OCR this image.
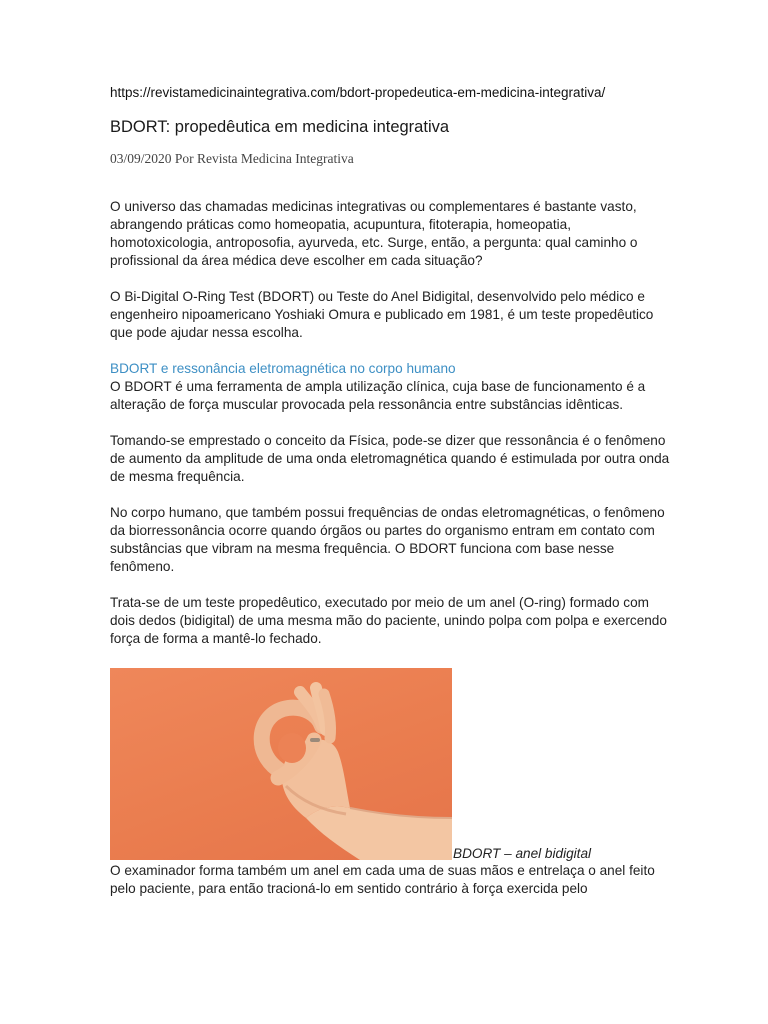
https://revistamedicinaintegrativa.com/bdort-propedeutica-em-medicina-integrativa/

BDORT: propedêutica em medicina integrativa

03/09/2020 Por Revista Medicina Integrativa

O universo das chamadas medicinas integrativas ou complementares é bastante vasto, abrangendo práticas como homeopatia, acupuntura, fitoterapia, homeopatia, homotoxicologia, antroposofia, ayurveda, etc. Surge, então, a pergunta: qual caminho o profissional da área médica deve escolher em cada situação?

O Bi-Digital O-Ring Test (BDORT) ou Teste do Anel Bidigital, desenvolvido pelo médico e engenheiro nipoamericano Yoshiaki Omura e publicado em 1981, é um teste propedêutico que pode ajudar nessa escolha.

BDORT e ressonância eletromagnética no corpo humano

O BDORT é uma ferramenta de ampla utilização clínica, cuja base de funcionamento é a alteração de força muscular provocada pela ressonância entre substâncias idênticas.

Tomando-se emprestado o conceito da Física, pode-se dizer que ressonância é o fenômeno de aumento da amplitude de uma onda eletromagnética quando é estimulada por outra onda de mesma frequência.

No corpo humano, que também possui frequências de ondas eletromagnéticas, o fenômeno da biorressonância ocorre quando órgãos ou partes do organismo entram em contato com substâncias que vibram na mesma frequência. O BDORT funciona com base nesse fenômeno.

Trata-se de um teste propedêutico, executado por meio de um anel (O-ring) formado com dois dedos (bidigital) de uma mesma mão do paciente, unindo polpa com polpa e exercendo força de forma a mantê-lo fechado.

BDORT – anel bidigital

O examinador forma também um anel em cada uma de suas mãos e entrelaça o anel feito pelo paciente, para então tracioná-lo em sentido contrário à força exercida pelo
